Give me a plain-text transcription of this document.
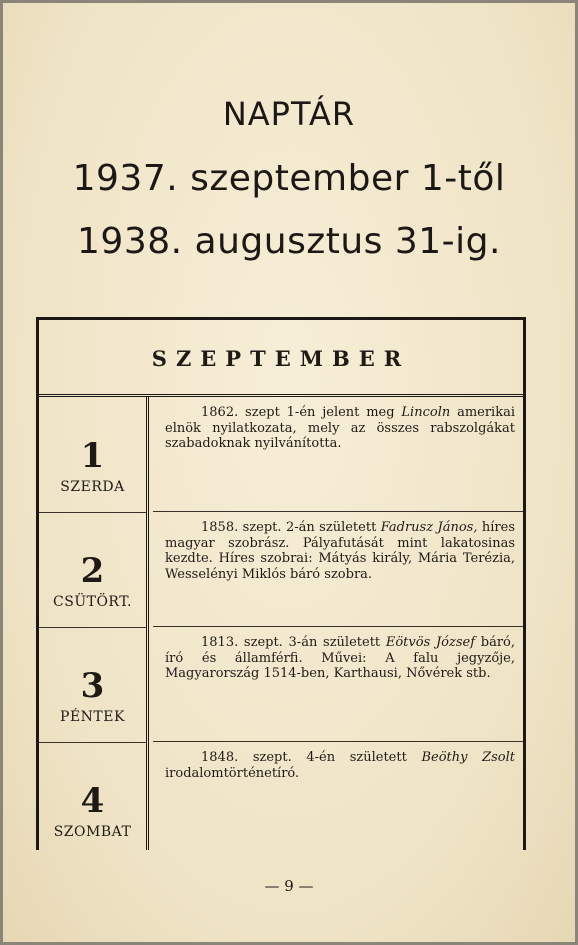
NAPTÁR
1937. szeptember 1-től
1938. augusztus 31-ig.
SZEPTEMBER
1
SZERDA
2
CSÜTÖRT.
3
PÉNTEK
4
SZOMBAT
1862. szept 1-én jelent meg Lincoln amerikai elnök nyilatkozata, mely az összes rabszolgákat szabadoknak nyilvánította.
1858. szept. 2-án született Fadrusz János, híres magyar szobrász. Pályafutását mint lakatosinas kezdte. Híres szobrai: Mátyás király, Mária Terézia, Wesselényi Miklós báró szobra.
1813. szept. 3-án született Eötvös József báró, író és államférfi. Művei: A falu jegyzője, Magyarország 1514-ben, Karthausi, Nővérek stb.
1848. szept. 4-én született Beöthy Zsolt irodalomtörténetíró.
— 9 —
